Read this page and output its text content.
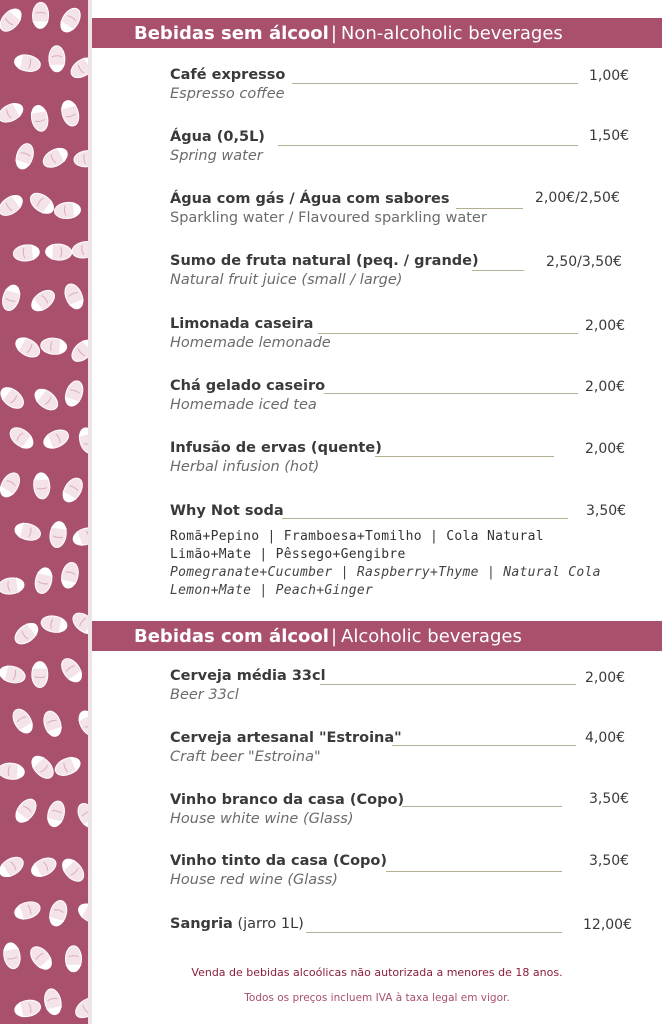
Bebidas sem álcool | Non-alcoholic beverages
Café expresso
Espresso coffee
1,00€
Água (0,5L)
Spring water
1,50€
Água com gás / Água com sabores
Sparkling water / Flavoured sparkling water
2,00€/2,50€
Sumo de fruta natural (peq. / grande)
Natural fruit juice (small / large)
2,50/3,50€
Limonada caseira
Homemade lemonade
2,00€
Chá gelado caseiro
Homemade iced tea
2,00€
Infusão de ervas (quente)
Herbal infusion (hot)
2,00€
Why Not soda	3,50€
Romã+Pepino | Framboesa+Tomilho | Cola Natural
Limão+Mate | Pêssego+Gengibre
Pomegranate+Cucumber | Raspberry+Thyme | Natural Cola
Lemon+Mate | Peach+Ginger
Bebidas com álcool | Alcoholic beverages
Cerveja média 33cl
Beer 33cl
2,00€
Cerveja artesanal "Estroina"
Craft beer "Estroina"
4,00€
Vinho branco da casa (Copo)
House white wine (Glass)
3,50€
Vinho tinto da casa (Copo)
House red wine (Glass)
3,50€
Sangria (jarro 1L)	12,00€
Venda de bebidas alcoólicas não autorizada a menores de 18 anos.
Todos os preços incluem IVA à taxa legal em vigor.
